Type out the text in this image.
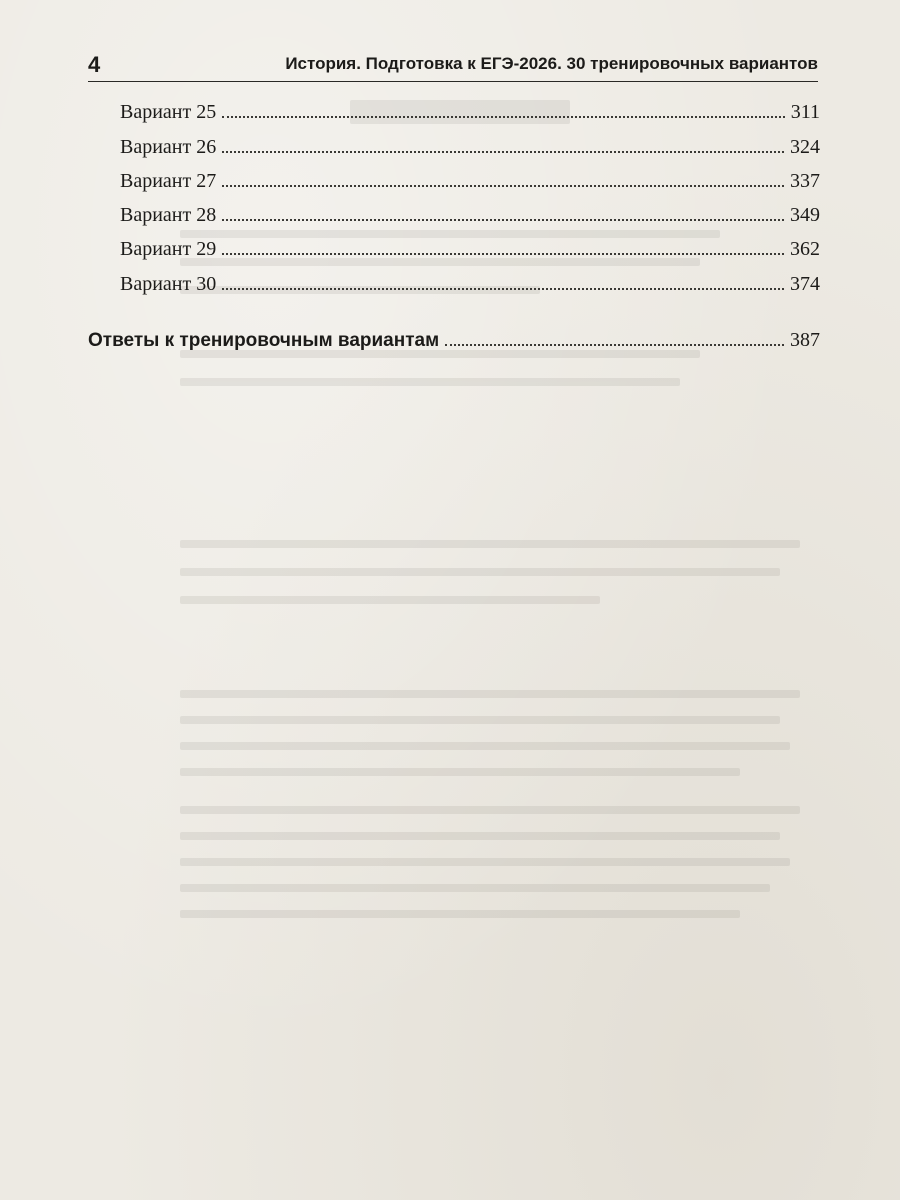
4	История. Подготовка к ЕГЭ-2026. 30 тренировочных вариантов
Вариант 25	311
Вариант 26	324
Вариант 27	337
Вариант 28	349
Вариант 29	362
Вариант 30	374
Ответы к тренировочным вариантам	387
